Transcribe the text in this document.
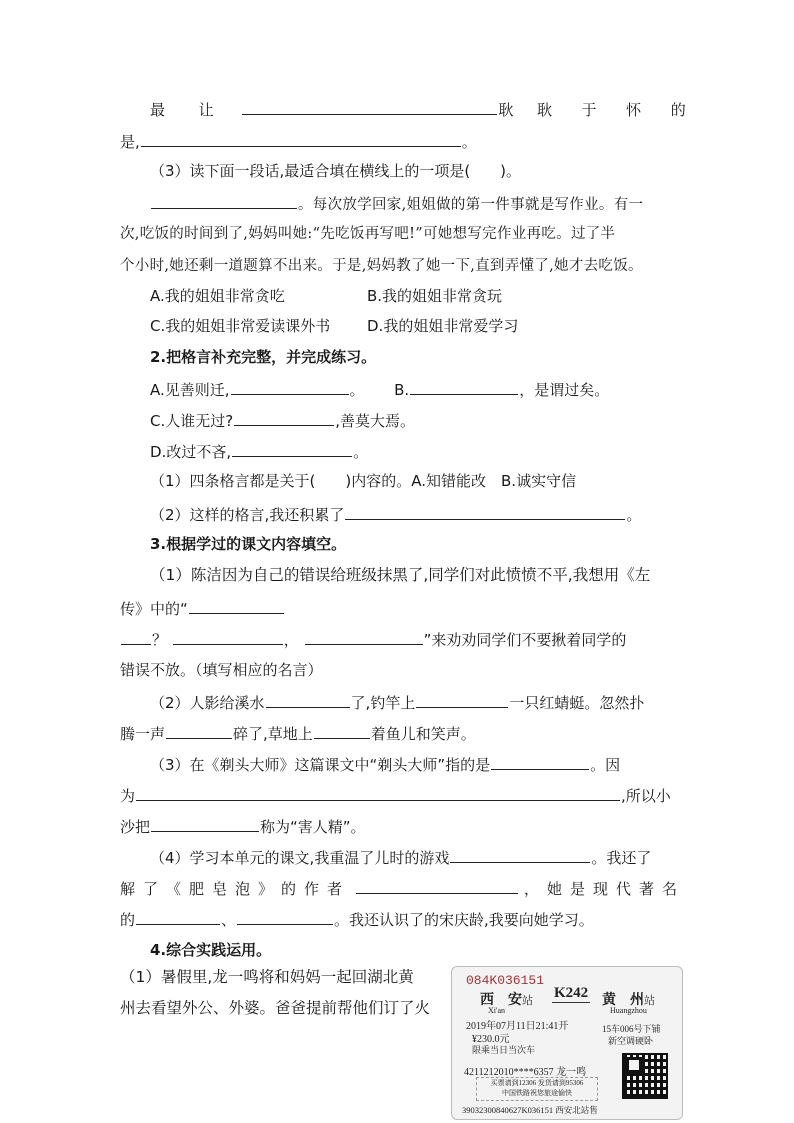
最 让	耿 耿 于 怀 的
是,	。
（3）读下面一段话,最适合填在横线上的一项是(　　)。
。每次放学回家,姐姐做的第一件事就是写作业。有一
次,吃饭的时间到了,妈妈叫她:“先吃饭再写吧!”可她想写完作业再吃。过了半
个小时,她还剩一道题算不出来。于是,妈妈教了她一下,直到弄懂了,她才去吃饭。
A.我的姐姐非常贪吃	B.我的姐姐非常贪玩
C.我的姐姐非常爱读课外书 D.我的姐姐非常爱学习
2.把格言补充完整，并完成练习。
A.见善则迁,	。 B.	，是谓过矣。
C.人谁无过?	,善莫大焉。
D.改过不吝,	。
（1）四条格言都是关于(　　)内容的。A.知错能改　B.诚实守信
（2）这样的格言,我还积累了	。
3.根据学过的课文内容填空。
（1）陈洁因为自己的错误给班级抹黑了,同学们对此愤愤不平,我想用《左
传》中的“
？	，	”来劝劝同学们不要揪着同学的
错误不放。（填写相应的名言）
（2）人影给溪水	了,钓竿上	一只红蜻蜓。忽然扑
腾一声	碎了,草地上	着鱼儿和笑声。
（3）在《剃头大师》这篇课文中“剃头大师”指的是	。因
为	,所以小
沙把	称为“害人精”。
（4）学习本单元的课文,我重温了儿时的游戏	。我还了
解了《肥皂泡》的作者	，她是现代著名
的	、	。我还认识了的宋庆龄,我要向她学习。
4.综合实践运用。
（1）暑假里,龙一鸣将和妈妈一起回湖北黄
州去看望外公、外婆。爸爸提前帮他们订了火
084K036151
西　安站 K242 黄　州站
Xi'an	Huangzhou
2019年07月11日21:41开
¥230.0元
15车006号下铺
新空调硬卧
限乘当日当次车
4211212010****6357 龙一鸣
买票请到12306 发货请到95306
中国铁路祝您旅途愉快
39032300840627K036151 西安北站售
